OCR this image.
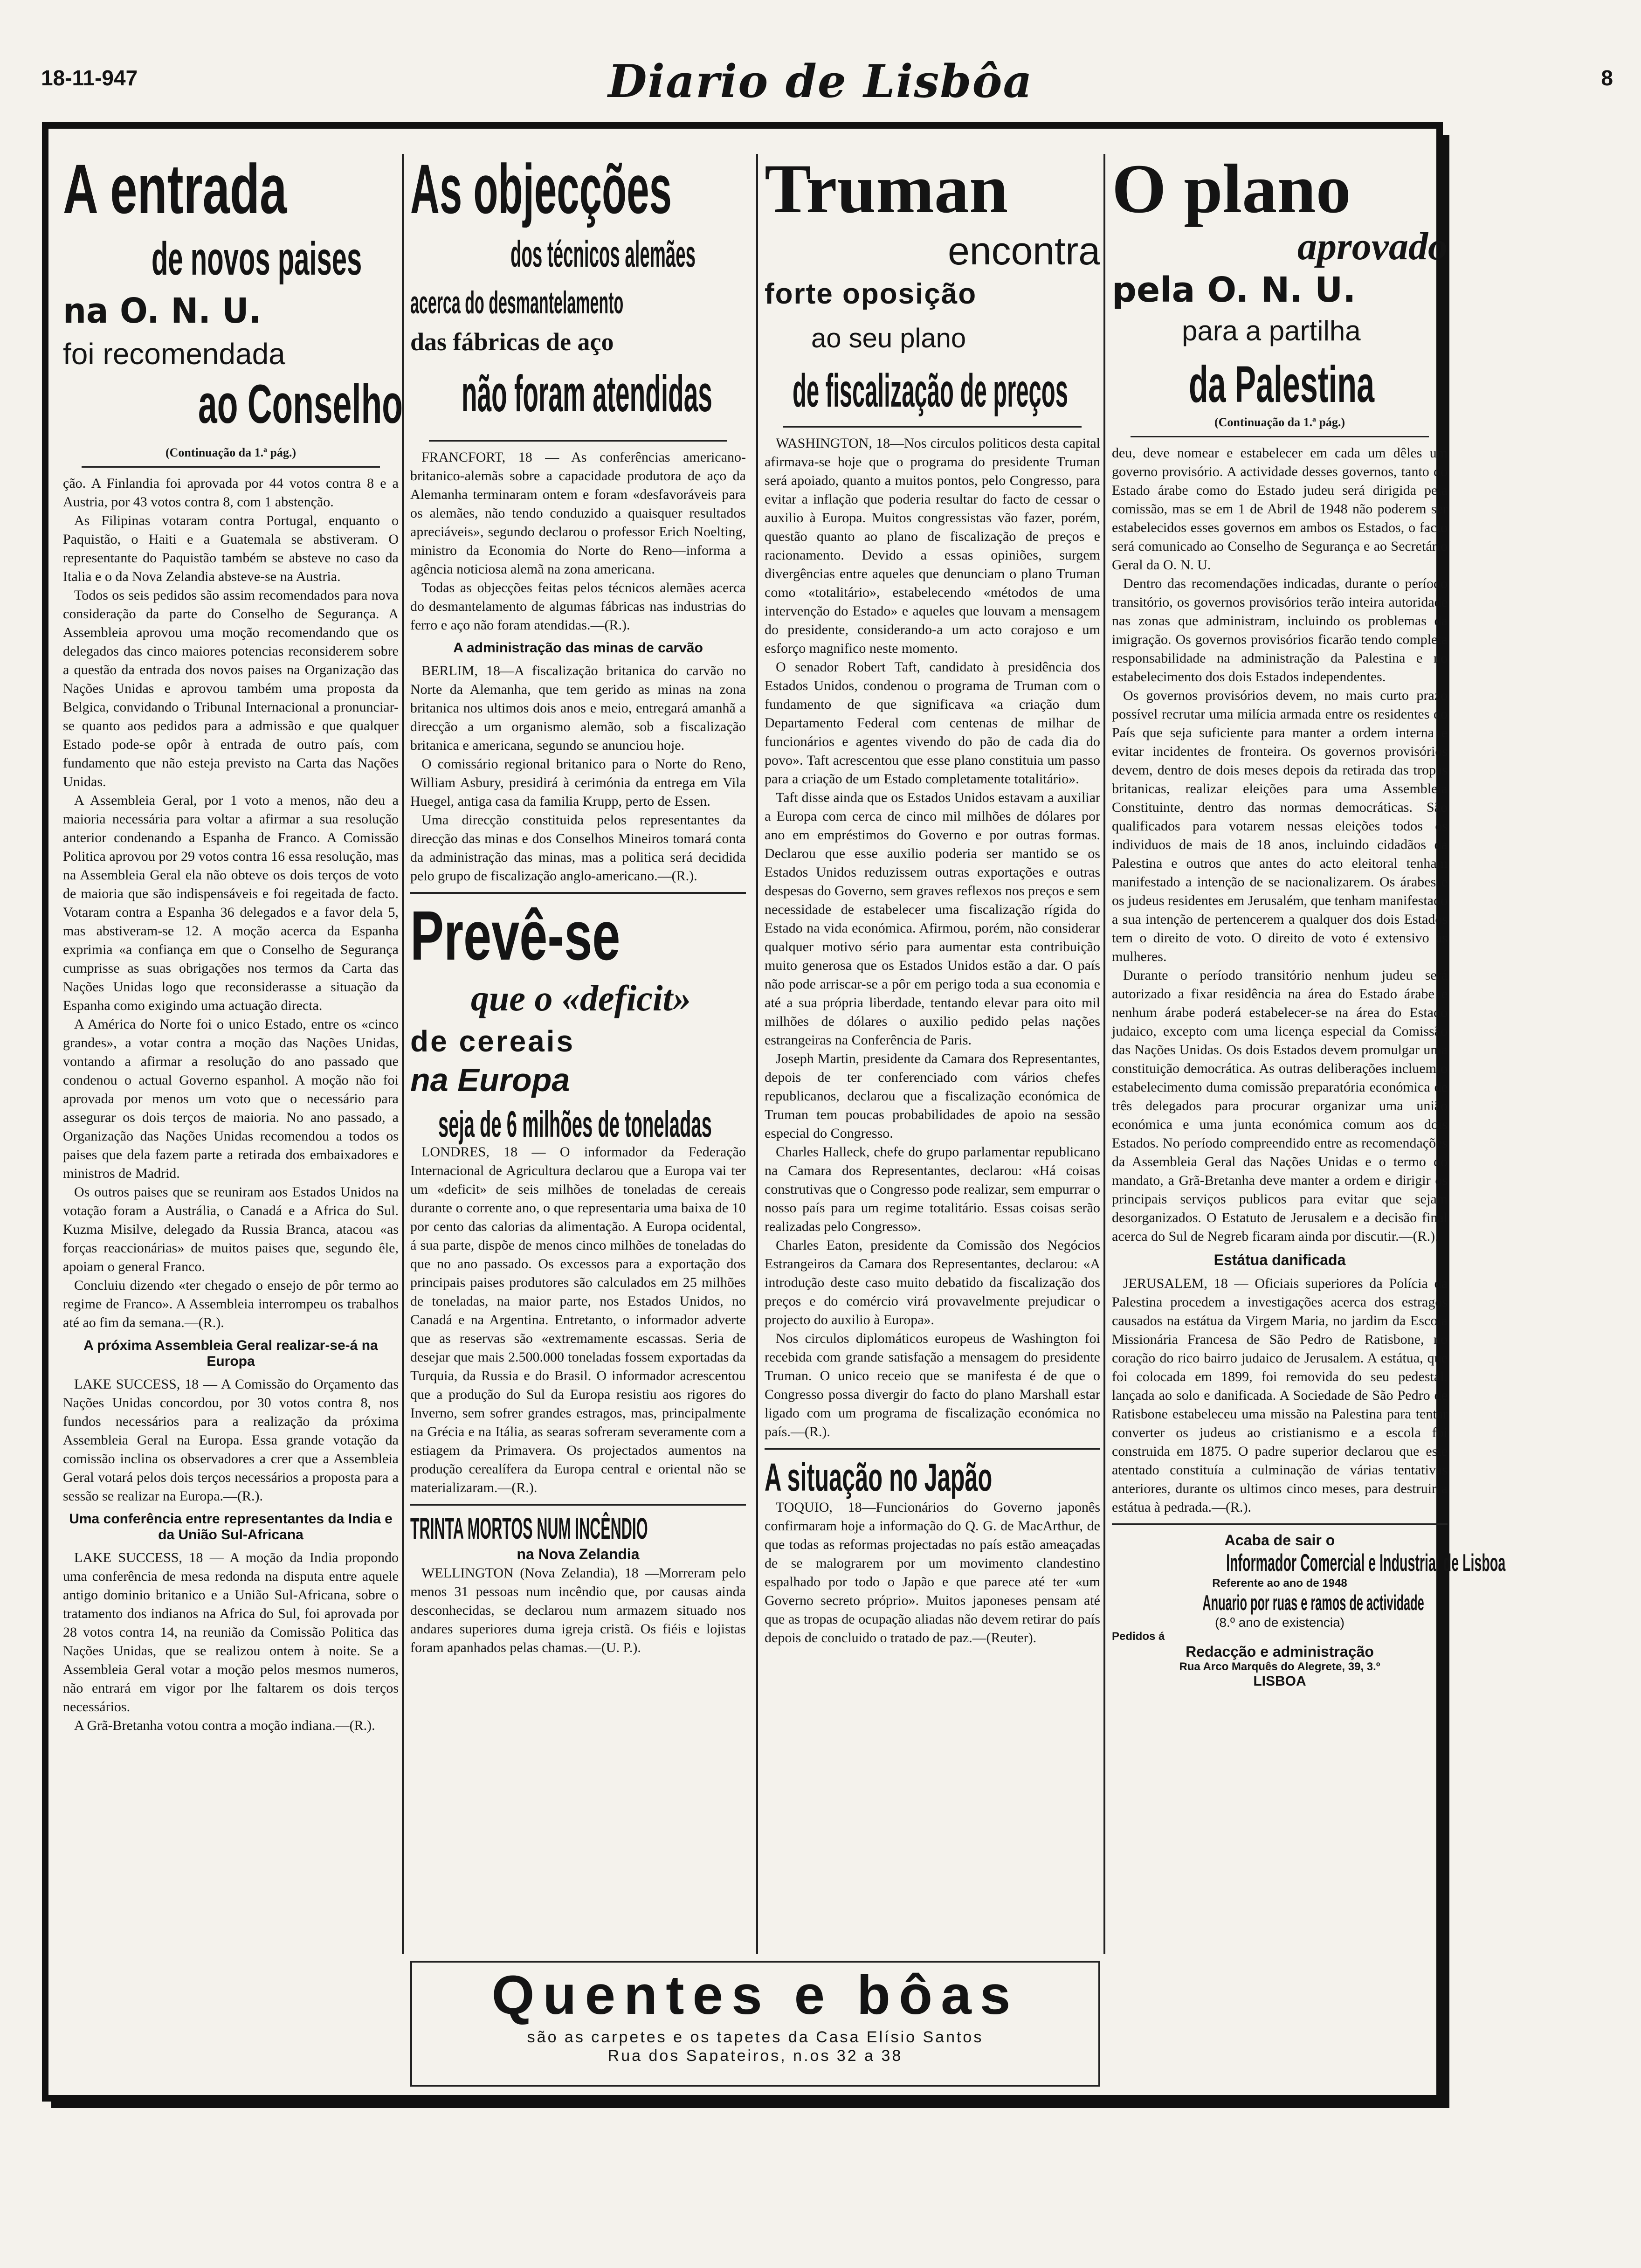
18-11-947	Diario de Lisbôa	8
A entrada
de novos paises
na O. N. U.
foi recomendada
ao Conselho
(Continuação da 1.ª pág.)

ção. A Finlandia foi aprovada por 44 votos contra 8 e a Austria, por 43 votos contra 8, com 1 abstenção.

As Filipinas votaram contra Portugal, enquanto o Paquistão, o Haiti e a Guatemala se abstiveram. O representante do Paquistão também se absteve no caso da Italia e o da Nova Zelandia absteve-se na Austria.

Todos os seis pedidos são assim recomendados para nova consideração da parte do Conselho de Segurança. A Assembleia aprovou uma moção recomendando que os delegados das cinco maiores potencias reconsiderem sobre a questão da entrada dos novos paises na Organização das Nações Unidas e aprovou também uma proposta da Belgica, convidando o Tribunal Internacional a pronunciar-se quanto aos pedidos para a admissão e que qualquer Estado pode-se opôr à entrada de outro país, com fundamento que não esteja previsto na Carta das Nações Unidas.

A Assembleia Geral, por 1 voto a menos, não deu a maioria necessária para voltar a afirmar a sua resolução anterior condenando a Espanha de Franco. A Comissão Politica aprovou por 29 votos contra 16 essa resolução, mas na Assembleia Geral ela não obteve os dois terços de voto de maioria que são indispensáveis e foi regeitada de facto. Votaram contra a Espanha 36 delegados e a favor dela 5, mas abstiveram-se 12. A moção acerca da Espanha exprimia «a confiança em que o Conselho de Segurança cumprisse as suas obrigações nos termos da Carta das Nações Unidas logo que reconsiderasse a situação da Espanha como exigindo uma actuação directa.

A América do Norte foi o unico Estado, entre os «cinco grandes», a votar contra a moção das Nações Unidas, vontando a afirmar a resolução do ano passado que condenou o actual Governo espanhol. A moção não foi aprovada por menos um voto que o necessário para assegurar os dois terços de maioria. No ano passado, a Organização das Nações Unidas recomendou a todos os paises que dela fazem parte a retirada dos embaixadores e ministros de Madrid.

Os outros paises que se reuniram aos Estados Unidos na votação foram a Austrália, o Canadá e a Africa do Sul. Kuzma Misilve, delegado da Russia Branca, atacou «as forças reaccionárias» de muitos paises que, segundo êle, apoiam o general Franco.

Concluiu dizendo «ter chegado o ensejo de pôr termo ao regime de Franco». A Assembleia interrompeu os trabalhos até ao fim da semana.—(R.).

A próxima Assembleia Geral realizar-se-á na Europa

LAKE SUCCESS, 18 — A Comissão do Orçamento das Nações Unidas concordou, por 30 votos contra 8, nos fundos necessários para a realização da próxima Assembleia Geral na Europa. Essa grande votação da comissão inclina os observadores a crer que a Assembleia Geral votará pelos dois terços necessários a proposta para a sessão se realizar na Europa.—(R.).

Uma conferência entre representantes da India e da União Sul-Africana

LAKE SUCCESS, 18 — A moção da India propondo uma conferência de mesa redonda na disputa entre aquele antigo dominio britanico e a União Sul-Africana, sobre o tratamento dos indianos na Africa do Sul, foi aprovada por 28 votos contra 14, na reunião da Comissão Politica das Nações Unidas, que se realizou ontem à noite. Se a Assembleia Geral votar a moção pelos mesmos numeros, não entrará em vigor por lhe faltarem os dois terços necessários.

A Grã-Bretanha votou contra a moção indiana.—(R.).

As objecções
dos técnicos alemães
acerca do desmantelamento
das fábricas de aço
não foram atendidas

FRANCFORT, 18 — As conferências americano-britanico-alemãs sobre a capacidade produtora de aço da Alemanha terminaram ontem e foram «desfavoráveis para os alemães, não tendo conduzido a quaisquer resultados apreciáveis», segundo declarou o professor Erich Noelting, ministro da Economia do Norte do Reno—informa a agência noticiosa alemã na zona americana.

Todas as objecções feitas pelos técnicos alemães acerca do desmantelamento de algumas fábricas nas industrias do ferro e aço não foram atendidas.—(R.).

A administração das minas de carvão

BERLIM, 18—A fiscalização britanica do carvão no Norte da Alemanha, que tem gerido as minas na zona britanica nos ultimos dois anos e meio, entregará amanhã a direcção a um organismo alemão, sob a fiscalização britanica e americana, segundo se anunciou hoje.

O comissário regional britanico para o Norte do Reno, William Asbury, presidirá à cerimónia da entrega em Vila Huegel, antiga casa da familia Krupp, perto de Essen.

Uma direcção constituida pelos representantes da direcção das minas e dos Conselhos Mineiros tomará conta da administração das minas, mas a politica será decidida pelo grupo de fiscalização anglo-americano.—(R.).

Prevê-se
que o «deficit»
de cereais
na Europa
seja de 6 milhões de toneladas

LONDRES, 18 — O informador da Federação Internacional de Agricultura declarou que a Europa vai ter um «deficit» de seis milhões de toneladas de cereais durante o corrente ano, o que representaria uma baixa de 10 por cento das calorias da alimentação. A Europa ocidental, á sua parte, dispõe de menos cinco milhões de toneladas do que no ano passado. Os excessos para a exportação dos principais paises produtores são calculados em 25 milhões de toneladas, na maior parte, nos Estados Unidos, no Canadá e na Argentina. Entretanto, o informador adverte que as reservas são «extremamente escassas. Seria de desejar que mais 2.500.000 toneladas fossem exportadas da Turquia, da Russia e do Brasil. O informador acrescentou que a produção do Sul da Europa resistiu aos rigores do Inverno, sem sofrer grandes estragos, mas, principalmente na Grécia e na Itália, as searas sofreram severamente com a estiagem da Primavera. Os projectados aumentos na produção cerealífera da Europa central e oriental não se materializaram.—(R.).

TRINTA MORTOS NUM INCÊNDIO
na Nova Zelandia

WELLINGTON (Nova Zelandia), 18 —Morreram pelo menos 31 pessoas num incêndio que, por causas ainda desconhecidas, se declarou num armazem situado nos andares superiores duma igreja cristã. Os fiéis e lojistas foram apanhados pelas chamas.—(U. P.).

Truman
encontra
forte oposição
ao seu plano
de fiscalização de preços

WASHINGTON, 18—Nos circulos politicos desta capital afirmava-se hoje que o programa do presidente Truman será apoiado, quanto a muitos pontos, pelo Congresso, para evitar a inflação que poderia resultar do facto de cessar o auxilio à Europa. Muitos congressistas vão fazer, porém, questão quanto ao plano de fiscalização de preços e racionamento. Devido a essas opiniões, surgem divergências entre aqueles que denunciam o plano Truman como «totalitário», estabelecendo «métodos de uma intervenção do Estado» e aqueles que louvam a mensagem do presidente, considerando-a um acto corajoso e um esforço magnifico neste momento.

O senador Robert Taft, candidato à presidência dos Estados Unidos, condenou o programa de Truman com o fundamento de que significava «a criação dum Departamento Federal com centenas de milhar de funcionários e agentes vivendo do pão de cada dia do povo». Taft acrescentou que esse plano constituia um passo para a criação de um Estado completamente totalitário».

Taft disse ainda que os Estados Unidos estavam a auxiliar a Europa com cerca de cinco mil milhões de dólares por ano em empréstimos do Governo e por outras formas. Declarou que esse auxilio poderia ser mantido se os Estados Unidos reduzissem outras exportações e outras despesas do Governo, sem graves reflexos nos preços e sem necessidade de estabelecer uma fiscalização rígida do Estado na vida económica. Afirmou, porém, não considerar qualquer motivo sério para aumentar esta contribuição muito generosa que os Estados Unidos estão a dar. O país não pode arriscar-se a pôr em perigo toda a sua economia e até a sua própria liberdade, tentando elevar para oito mil milhões de dólares o auxilio pedido pelas nações estrangeiras na Conferência de Paris.

Joseph Martin, presidente da Camara dos Representantes, depois de ter conferenciado com vários chefes republicanos, declarou que a fiscalização económica de Truman tem poucas probabilidades de apoio na sessão especial do Congresso.

Charles Halleck, chefe do grupo parlamentar republicano na Camara dos Representantes, declarou: «Há coisas construtivas que o Congresso pode realizar, sem empurrar o nosso país para um regime totalitário. Essas coisas serão realizadas pelo Congresso».

Charles Eaton, presidente da Comissão dos Negócios Estrangeiros da Camara dos Representantes, declarou: «A introdução deste caso muito debatido da fiscalização dos preços e do comércio virá provavelmente prejudicar o projecto do auxilio à Europa».

Nos circulos diplomáticos europeus de Washington foi recebida com grande satisfação a mensagem do presidente Truman. O unico receio que se manifesta é de que o Congresso possa divergir do facto do plano Marshall estar ligado com um programa de fiscalização económica no país.—(R.).

A situação no Japão

TOQUIO, 18—Funcionários do Governo japonês confirmaram hoje a informação do Q. G. de MacArthur, de que todas as reformas projectadas no país estão ameaçadas de se malograrem por um movimento clandestino espalhado por todo o Japão e que parece até ter «um Governo secreto próprio». Muitos japoneses pensam até que as tropas de ocupação aliadas não devem retirar do país depois de concluido o tratado de paz.—(Reuter).

O plano
aprovado
pela O. N. U.
para a partilha
da Palestina
(Continuação da 1.ª pág.)

deu, deve nomear e estabelecer em cada um dêles um governo provisório. A actividade desses governos, tanto do Estado árabe como do Estado judeu será dirigida pela comissão, mas se em 1 de Abril de 1948 não poderem ser estabelecidos esses governos em ambos os Estados, o facto será comunicado ao Conselho de Segurança e ao Secretário Geral da O. N. U.

Dentro das recomendações indicadas, durante o período transitório, os governos provisórios terão inteira autoridade nas zonas que administram, incluindo os problemas da imigração. Os governos provisórios ficarão tendo completa responsabilidade na administração da Palestina e no estabelecimento dos dois Estados independentes.

Os governos provisórios devem, no mais curto prazo possível recrutar uma milícia armada entre os residentes do País que seja suficiente para manter a ordem interna e evitar incidentes de fronteira. Os governos provisórios devem, dentro de dois meses depois da retirada das tropas britanicas, realizar eleições para uma Assembleia Constituinte, dentro das normas democráticas. São qualificados para votarem nessas eleições todos os individuos de mais de 18 anos, incluindo cidadãos da Palestina e outros que antes do acto eleitoral tenham manifestado a intenção de se nacionalizarem. Os árabes e os judeus residentes em Jerusalém, que tenham manifestado a sua intenção de pertencerem a qualquer dos dois Estados tem o direito de voto. O direito de voto é extensivo ás mulheres.

Durante o período transitório nenhum judeu será autorizado a fixar residência na área do Estado árabe e nenhum árabe poderá estabelecer-se na área do Estado judaico, excepto com uma licença especial da Comissão das Nações Unidas. Os dois Estados devem promulgar uma constituição democrática. As outras deliberações incluem o estabelecimento duma comissão preparatória económica de três delegados para procurar organizar uma união económica e uma junta económica comum aos dois Estados. No período compreendido entre as recomendações da Assembleia Geral das Nações Unidas e o termo do mandato, a Grã-Bretanha deve manter a ordem e dirigir os principais serviços publicos para evitar que sejam desorganizados. O Estatuto de Jerusalem e a decisão final acerca do Sul de Negreb ficaram ainda por discutir.—(R.).

Estátua danificada

JERUSALEM, 18 — Oficiais superiores da Polícia da Palestina procedem a investigações acerca dos estragos causados na estátua da Virgem Maria, no jardim da Escola Missionária Francesa de São Pedro de Ratisbone, no coração do rico bairro judaico de Jerusalem. A estátua, que foi colocada em 1899, foi removida do seu pedestal, lançada ao solo e danificada. A Sociedade de São Pedro de Ratisbone estabeleceu uma missão na Palestina para tentar converter os judeus ao cristianismo e a escola foi construida em 1875. O padre superior declarou que este atentado constituía a culminação de várias tentativas anteriores, durante os ultimos cinco meses, para destruir a estátua à pedrada.—(R.).

Acaba de sair o
Informador Comercial e Industrial de Lisboa
Referente ao ano de 1948
Anuario por ruas e ramos de actividade
(8.º ano de existencia)
Pedidos á
Redacção e administração
Rua Arco Marquês do Alegrete, 39, 3.º
LISBOA
Quentes e bôas
são as carpetes e os tapetes da Casa Elísio Santos
Rua dos Sapateiros, n.os 32 a 38
